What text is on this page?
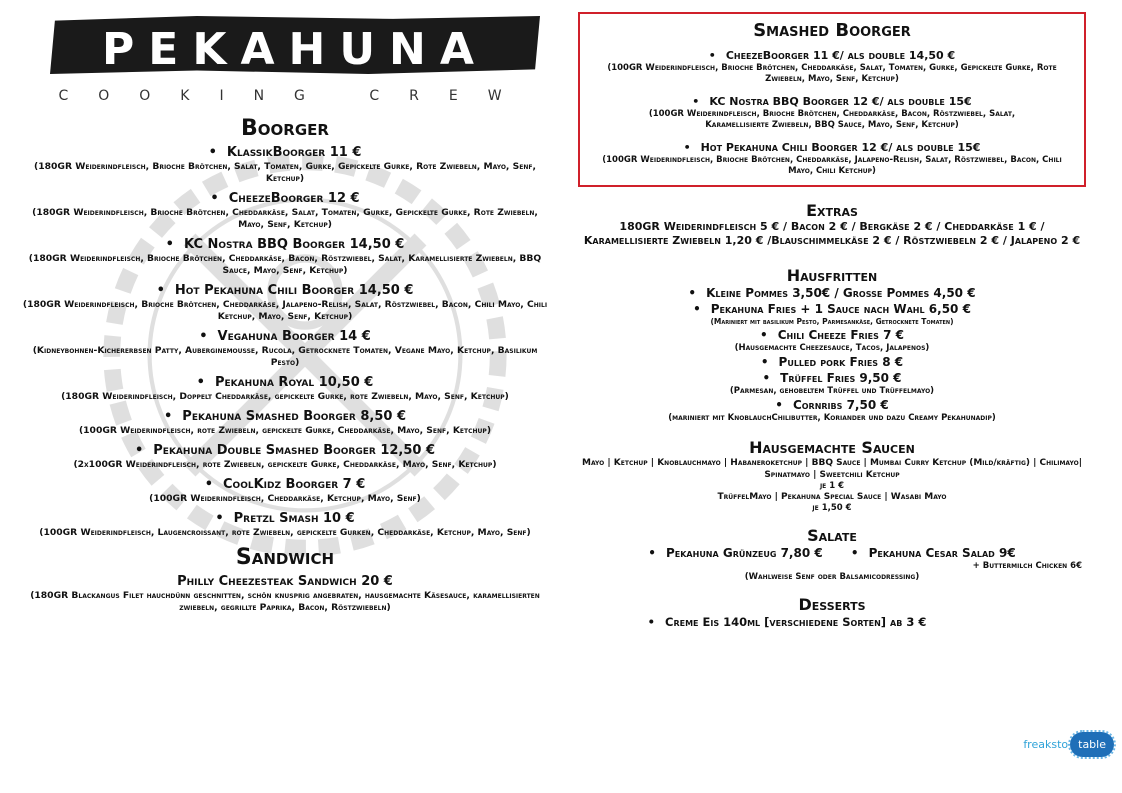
PEKAHUNA
COOKING CREW
Boorger
• KlassikBoorger 11 €
(180GR Weiderindfleisch, Brioche Brötchen, Salat, Tomaten, Gurke, Gepickelte Gurke, Rote Zwiebeln, Mayo, Senf, Ketchup)
• CheezeBoorger 12 €
(180GR Weiderindfleisch, Brioche Brötchen, Cheddarkäse, Salat, Tomaten, Gurke, Gepickelte Gurke, Rote Zwiebeln, Mayo, Senf, Ketchup)
• KC Nostra BBQ Boorger 14,50 €
(180GR Weiderindfleisch, Brioche Brötchen, Cheddarkäse, Bacon, Röstzwiebel, Salat, Karamellisierte Zwiebeln, BBQ Sauce, Mayo, Senf, Ketchup)
• Hot Pekahuna Chili Boorger 14,50 €
(180GR Weiderindfleisch, Brioche Brötchen, Cheddarkäse, Jalapeno-Relish, Salat, Röstzwiebel, Bacon, Chili Mayo, Chili Ketchup, Mayo, Senf, Ketchup)
• Vegahuna Boorger 14 €
(Kidneybohnen-Kichererbsen Patty, Auberginemousse, Rucola, Getrocknete Tomaten, Vegane Mayo, Ketchup, Basilikum Pesto)
• Pekahuna Royal 10,50 €
(180GR Weiderindfleisch, Doppelt Cheddarkäse, gepickelte Gurke, rote Zwiebeln, Mayo, Senf, Ketchup)
• Pekahuna Smashed Boorger 8,50 €
(100GR Weiderindfleisch, rote Zwiebeln, gepickelte Gurke, Cheddarkäse, Mayo, Senf, Ketchup)
• Pekahuna Double Smashed Boorger 12,50 €
(2x100GR Weiderindfleisch, rote Zwiebeln, gepickelte Gurke, Cheddarkäse, Mayo, Senf, Ketchup)
• CoolKidz Boorger 7 €
(100GR Weiderindfleisch, Cheddarkäse, Ketchup, Mayo, Senf)
• Pretzl Smash 10 €
(100GR Weiderindfleisch, Laugencroissant, rote Zwiebeln, gepickelte Gurken, Cheddarkäse, Ketchup, Mayo, Senf)
Sandwich
Philly Cheezesteak Sandwich 20 €
(180GR Blackangus Filet hauchdünn geschnitten, schön knusprig angebraten, hausgemachte Käsesauce, karamellisierten zwiebeln, gegrillte Paprika, Bacon, Röstzwiebeln)
Smashed Boorger
• CheezeBoorger 11 €/ als double 14,50 €
(100GR Weiderindfleisch, Brioche Brötchen, Cheddarkäse, Salat, Tomaten, Gurke, Gepickelte Gurke, Rote Zwiebeln, Mayo, Senf, Ketchup)
• KC Nostra BBQ Boorger 12 €/ als double 15€
(100GR Weiderindfleisch, Brioche Brötchen, Cheddarkäse, Bacon, Röstzwiebel, Salat, Karamellisierte Zwiebeln, BBQ Sauce, Mayo, Senf, Ketchup)
• Hot Pekahuna Chili Boorger 12 €/ als double 15€
(100GR Weiderindfleisch, Brioche Brötchen, Cheddarkäse, Jalapeno-Relish, Salat, Röstzwiebel, Bacon, Chili Mayo, Chili Ketchup)
Extras
180GR Weiderindfleisch 5 € / Bacon 2 € / Bergkäse 2 € / Cheddarkäse 1 € / Karamellisierte Zwiebeln 1,20 € /Blauschimmelkäse 2 € / Röstzwiebeln 2 € / Jalapeno 2 €
Hausfritten
• Kleine Pommes 3,50€ / Grosse Pommes 4,50 €
• Pekahuna Fries + 1 Sauce nach Wahl 6,50 €
(Mariniert mit basilikum Pesto, Parmesankäse, Getrocknete Tomaten)
• Chili Cheeze Fries 7 €
(Hausgemachte Cheezesauce, Tacos, Jalapenos)
• Pulled pork Fries 8 €
• Trüffel Fries 9,50 €
(Parmesan, gehobeltem Trüffel und Trüffelmayo)
• Cornribs 7,50 €
(mariniert mit KnoblauchChilibutter, Koriander und dazu Creamy Pekahunadip)
Hausgemachte Saucen
Mayo | Ketchup | Knoblauchmayo | Habaneroketchup | BBQ Sauce | Mumbai Curry Ketchup (Mild/kräftig) | Chilimayo| Spinatmayo | Sweetchili Ketchup
je 1 €
TrüffelMayo | Pekahuna Special Sauce | Wasabi Mayo
je 1,50 €
Salate
• Pekahuna Grünzeug 7,80 € •	Pekahuna Cesar Salad 9€
+ Buttermilch Chicken 6€
(Wahlweise Senf oder Balsamicodressing)
Desserts
• Creme Eis 140ml [verschiedene Sorten] ab 3 €
freaksto table
